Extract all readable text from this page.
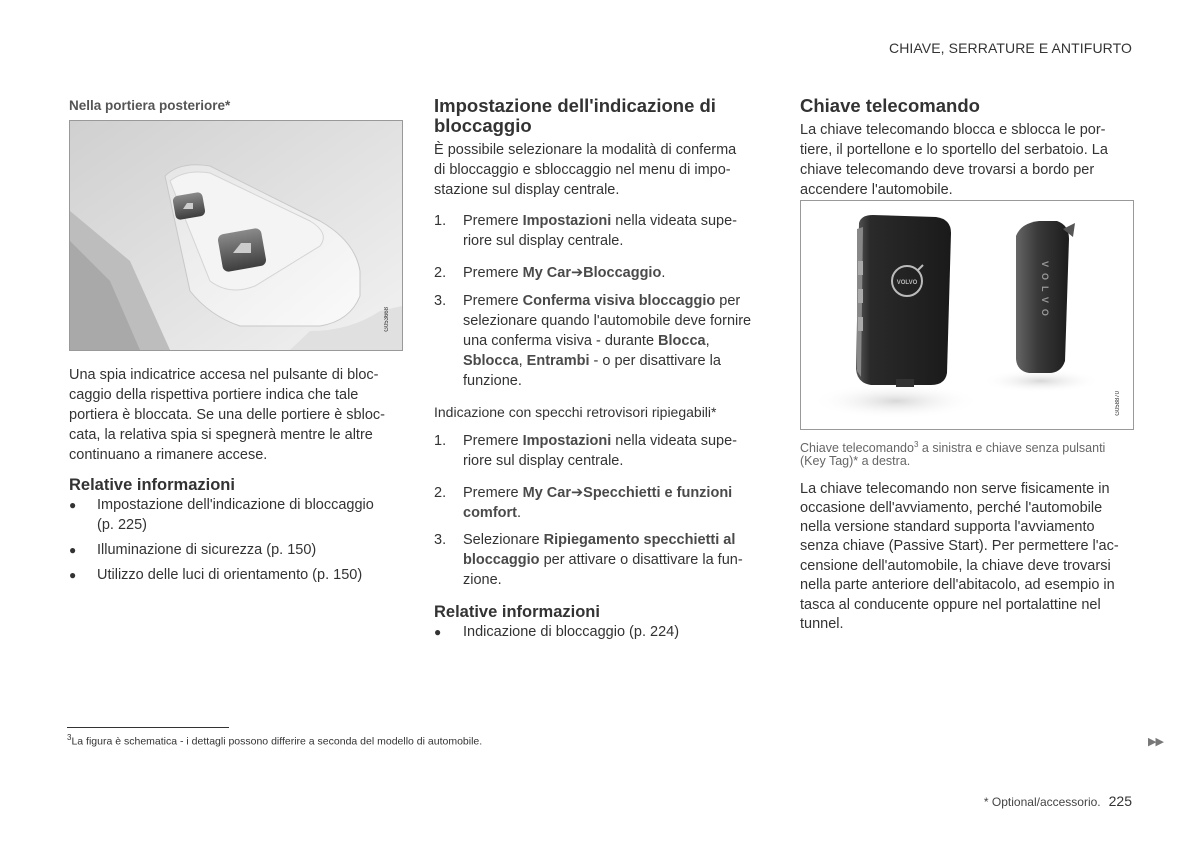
CHIAVE, SERRATURE E ANTIFURTO
Nella portiera posteriore*
G053668

Una spia indicatrice accesa nel pulsante di bloc-

caggio della rispettiva portiere indica che tale

portiera è bloccata. Se una delle portiere è sbloc-

cata, la relativa spia si spegnerà mentre le altre

continuano a rimanere accese.

Relative informazioni
● Impostazione dell'indicazione di bloccaggio
(p. 225)
● Illuminazione di sicurezza (p. 150)
● Utilizzo delle luci di orientamento (p. 150)
Impostazione dell'indicazione di
bloccaggio

È possibile selezionare la modalità di conferma

di bloccaggio e sbloccaggio nel menu di impo-

stazione sul display centrale.

1. Premere Impostazioni nella videata supe-
riore sul display centrale.
2. Premere My Car➔Bloccaggio.
3. Premere Conferma visiva bloccaggio per
selezionare quando l'automobile deve fornire
una conferma visiva - durante Blocca,
Sblocca, Entrambi - o per disattivare la
funzione.

Indicazione con specchi retrovisori ripiegabili*

1. Premere Impostazioni nella videata supe-
riore sul display centrale.
2. Premere My Car➔Specchietti e funzioni
comfort.
3. Selezionare Ripiegamento specchietti al
bloccaggio per attivare o disattivare la fun-
zione.
Relative informazioni
● Indicazione di bloccaggio (p. 224)
Chiave telecomando

La chiave telecomando blocca e sblocca le por-

tiere, il portellone e lo sportello del serbatoio. La

chiave telecomando deve trovarsi a bordo per

accendere l'automobile.

VOLVO	VOLVO
G058870
Chiave telecomando$^3$ a sinistra e chiave senza pulsanti
(Key Tag)* a destra.

La chiave telecomando non serve fisicamente in

occasione dell'avviamento, perché l'automobile

nella versione standard supporta l'avviamento

senza chiave (Passive Start). Per permettere l'ac-

censione dell'automobile, la chiave deve trovarsi

nella parte anteriore dell'abitacolo, ad esempio in

tasca al conducente oppure nel portalattine nel

tunnel.

$^3$La figura è schematica - i dettagli possono differire a seconda del modello di automobile.	▶▶
* Optional/accessorio. 225
